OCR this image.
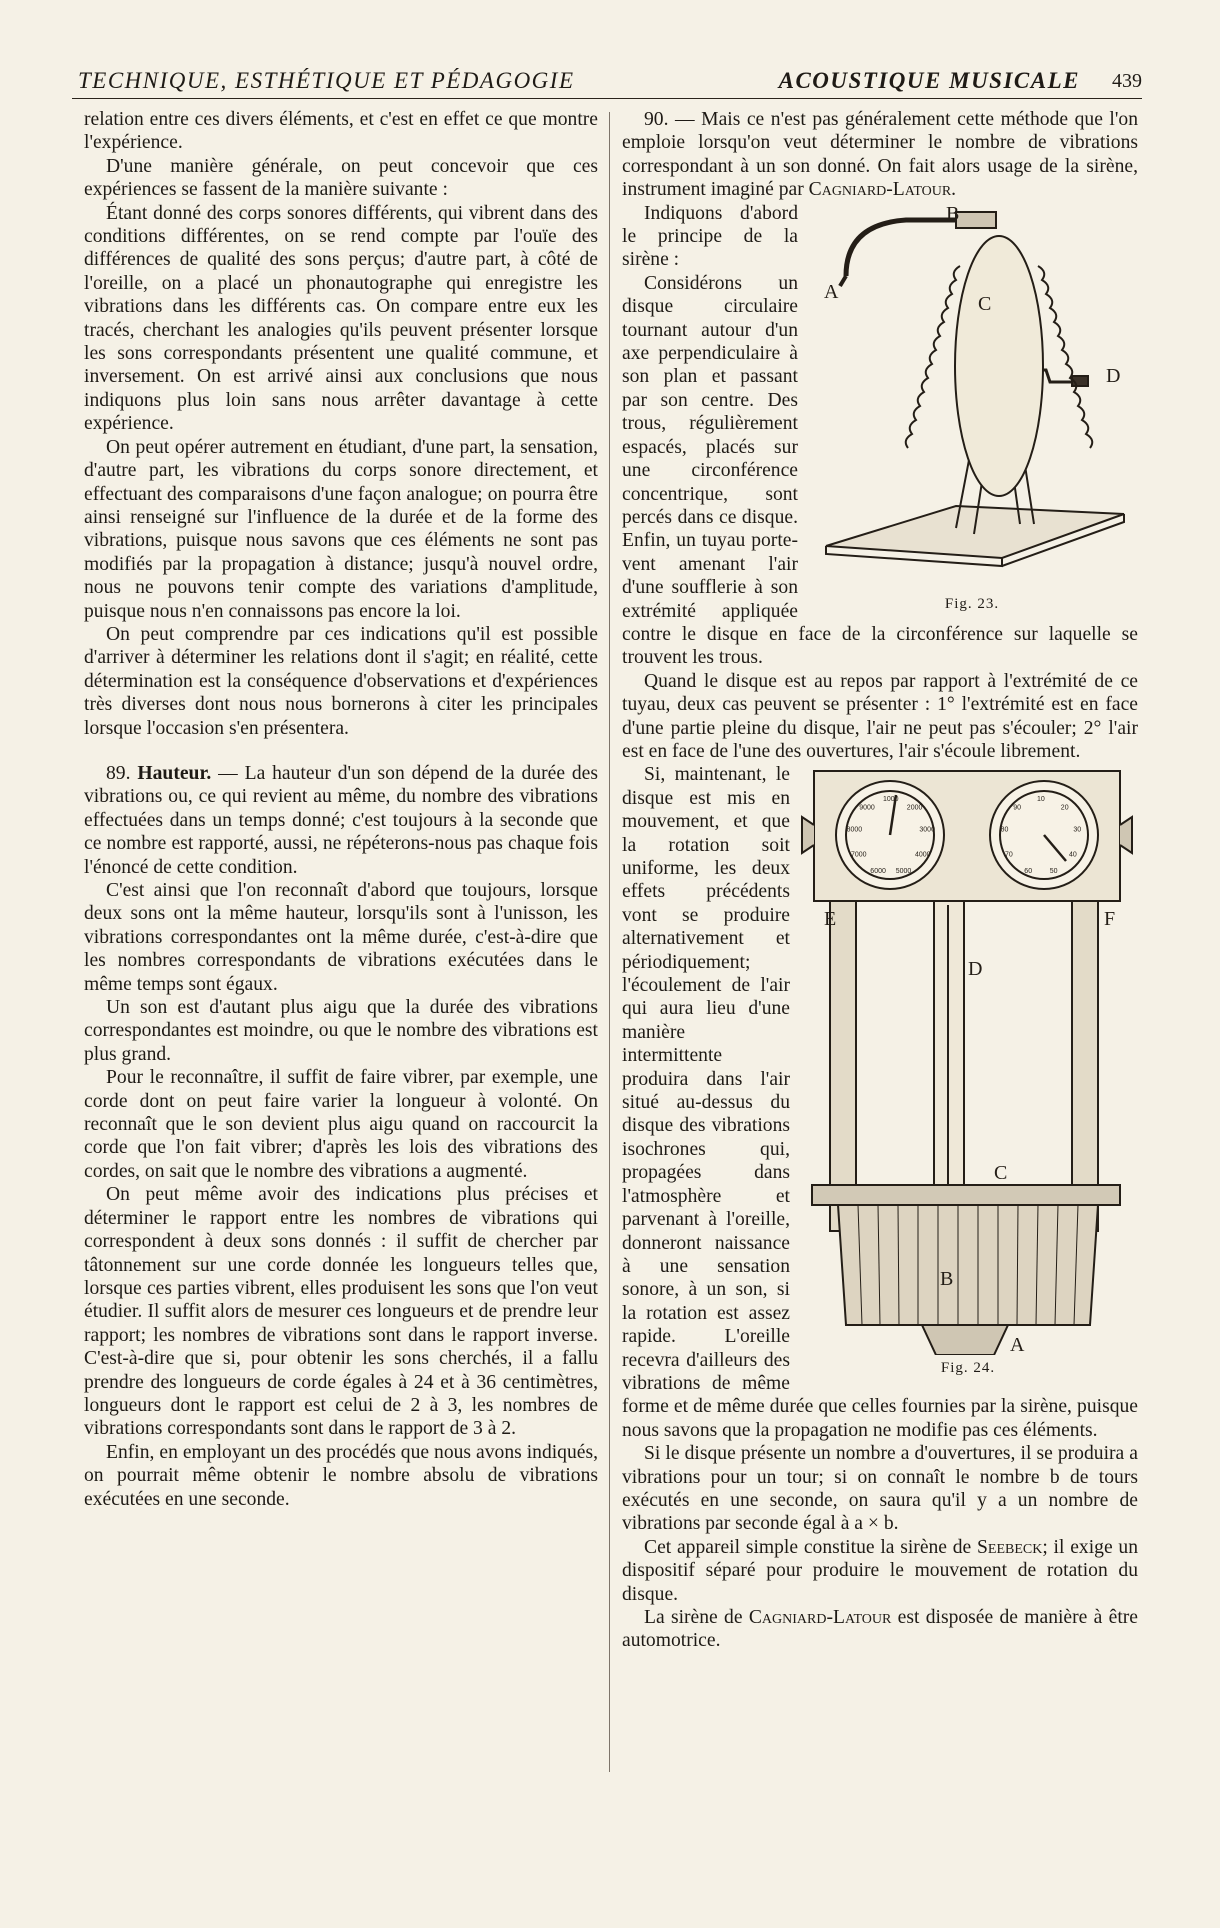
TECHNIQUE, ESTHÉTIQUE ET PÉDAGOGIE	ACOUSTIQUE MUSICALE 439

relation entre ces divers éléments, et c'est en effet ce que montre l'expérience.

D'une manière générale, on peut concevoir que ces expériences se fassent de la manière suivante :

Étant donné des corps sonores différents, qui vibrent dans des conditions différentes, on se rend compte par l'ouïe des différences de qualité des sons perçus; d'autre part, à côté de l'oreille, on a placé un phonautographe qui enregistre les vibrations dans les différents cas. On compare entre eux les tracés, cherchant les analogies qu'ils peuvent présenter lorsque les sons correspondants présentent une qualité commune, et inversement. On est arrivé ainsi aux conclusions que nous indiquons plus loin sans nous arrêter davantage à cette expérience.

On peut opérer autrement en étudiant, d'une part, la sensation, d'autre part, les vibrations du corps sonore directement, et effectuant des comparaisons d'une façon analogue; on pourra être ainsi renseigné sur l'influence de la durée et de la forme des vibrations, puisque nous savons que ces éléments ne sont pas modifiés par la propagation à distance; jusqu'à nouvel ordre, nous ne pouvons tenir compte des variations d'amplitude, puisque nous n'en connaissons pas encore la loi.

On peut comprendre par ces indications qu'il est possible d'arriver à déterminer les relations dont il s'agit; en réalité, cette détermination est la conséquence d'observations et d'expériences très diverses dont nous nous bornerons à citer les principales lorsque l'occasion s'en présentera.

89. Hauteur. — La hauteur d'un son dépend de la durée des vibrations ou, ce qui revient au même, du nombre des vibrations effectuées dans un temps donné; c'est toujours à la seconde que ce nombre est rapporté, aussi, ne répéterons-nous pas chaque fois l'énoncé de cette condition.

C'est ainsi que l'on reconnaît d'abord que toujours, lorsque deux sons ont la même hauteur, lorsqu'ils sont à l'unisson, les vibrations correspondantes ont la même durée, c'est-à-dire que les nombres correspondants de vibrations exécutées dans le même temps sont égaux.

Un son est d'autant plus aigu que la durée des vibrations correspondantes est moindre, ou que le nombre des vibrations est plus grand.

Pour le reconnaître, il suffit de faire vibrer, par exemple, une corde dont on peut faire varier la longueur à volonté. On reconnaît que le son devient plus aigu quand on raccourcit la corde que l'on fait vibrer; d'après les lois des vibrations des cordes, on sait que le nombre des vibrations a augmenté.

On peut même avoir des indications plus précises et déterminer le rapport entre les nombres de vibrations qui correspondent à deux sons donnés : il suffit de chercher par tâtonnement sur une corde donnée les longueurs telles que, lorsque ces parties vibrent, elles produisent les sons que l'on veut étudier. Il suffit alors de mesurer ces longueurs et de prendre leur rapport; les nombres de vibrations sont dans le rapport inverse. C'est-à-dire que si, pour obtenir les sons cherchés, il a fallu prendre des longueurs de corde égales à 24 et à 36 centimètres, longueurs dont le rapport est celui de 2 à 3, les nombres de vibrations correspondants sont dans le rapport de 3 à 2.

Enfin, en employant un des procédés que nous avons indiqués, on pourrait même obtenir le nombre absolu de vibrations exécutées en une seconde.

90. — Mais ce n'est pas généralement cette méthode que l'on emploie lorsqu'on veut déterminer le nombre de vibrations correspondant à un son donné. On fait alors usage de la sirène, instrument imaginé par Cagniard-Latour.

B
A
C
D
Fig. 23.

Indiquons d'abord le principe de la sirène :

Considérons un disque circulaire tournant autour d'un axe perpendiculaire à son plan et passant par son centre. Des trous, régulièrement espacés, placés sur une circonférence concentrique, sont percés dans ce disque. Enfin, un tuyau porte-vent amenant l'air d'une soufflerie à son extrémité appliquée contre le disque en face de la circonférence sur laquelle se trouvent les trous.

Quand le disque est au repos par rapport à l'extrémité de ce tuyau, deux cas peuvent se présenter : 1° l'extrémité est en face d'une partie pleine du disque, l'air ne peut pas s'écouler; 2° l'air est en face de l'une des ouvertures, l'air s'écoule librement.

E	F
D
C
B
A
1000
2000
3000
4000
5000
6000
7000
8000
9000
10
20
30
40
50
60
70
80
90
Fig. 24.

Si, maintenant, le disque est mis en mouvement, et que la rotation soit uniforme, les deux effets précédents vont se produire alternativement et périodiquement; l'écoulement de l'air qui aura lieu d'une manière intermittente produira dans l'air situé au-dessus du disque des vibrations isochrones qui, propagées dans l'atmosphère et parvenant à l'oreille, donneront naissance à une sensation sonore, à un son, si la rotation est assez rapide. L'oreille recevra d'ailleurs des vibrations de même forme et de même durée que celles fournies par la sirène, puisque nous savons que la propagation ne modifie pas ces éléments.

Si le disque présente un nombre a d'ouvertures, il se produira a vibrations pour un tour; si on connaît le nombre b de tours exécutés en une seconde, on saura qu'il y a un nombre de vibrations par seconde égal à a × b.

Cet appareil simple constitue la sirène de Seebeck; il exige un dispositif séparé pour produire le mouvement de rotation du disque.

La sirène de Cagniard-Latour est disposée de manière à être automotrice.
